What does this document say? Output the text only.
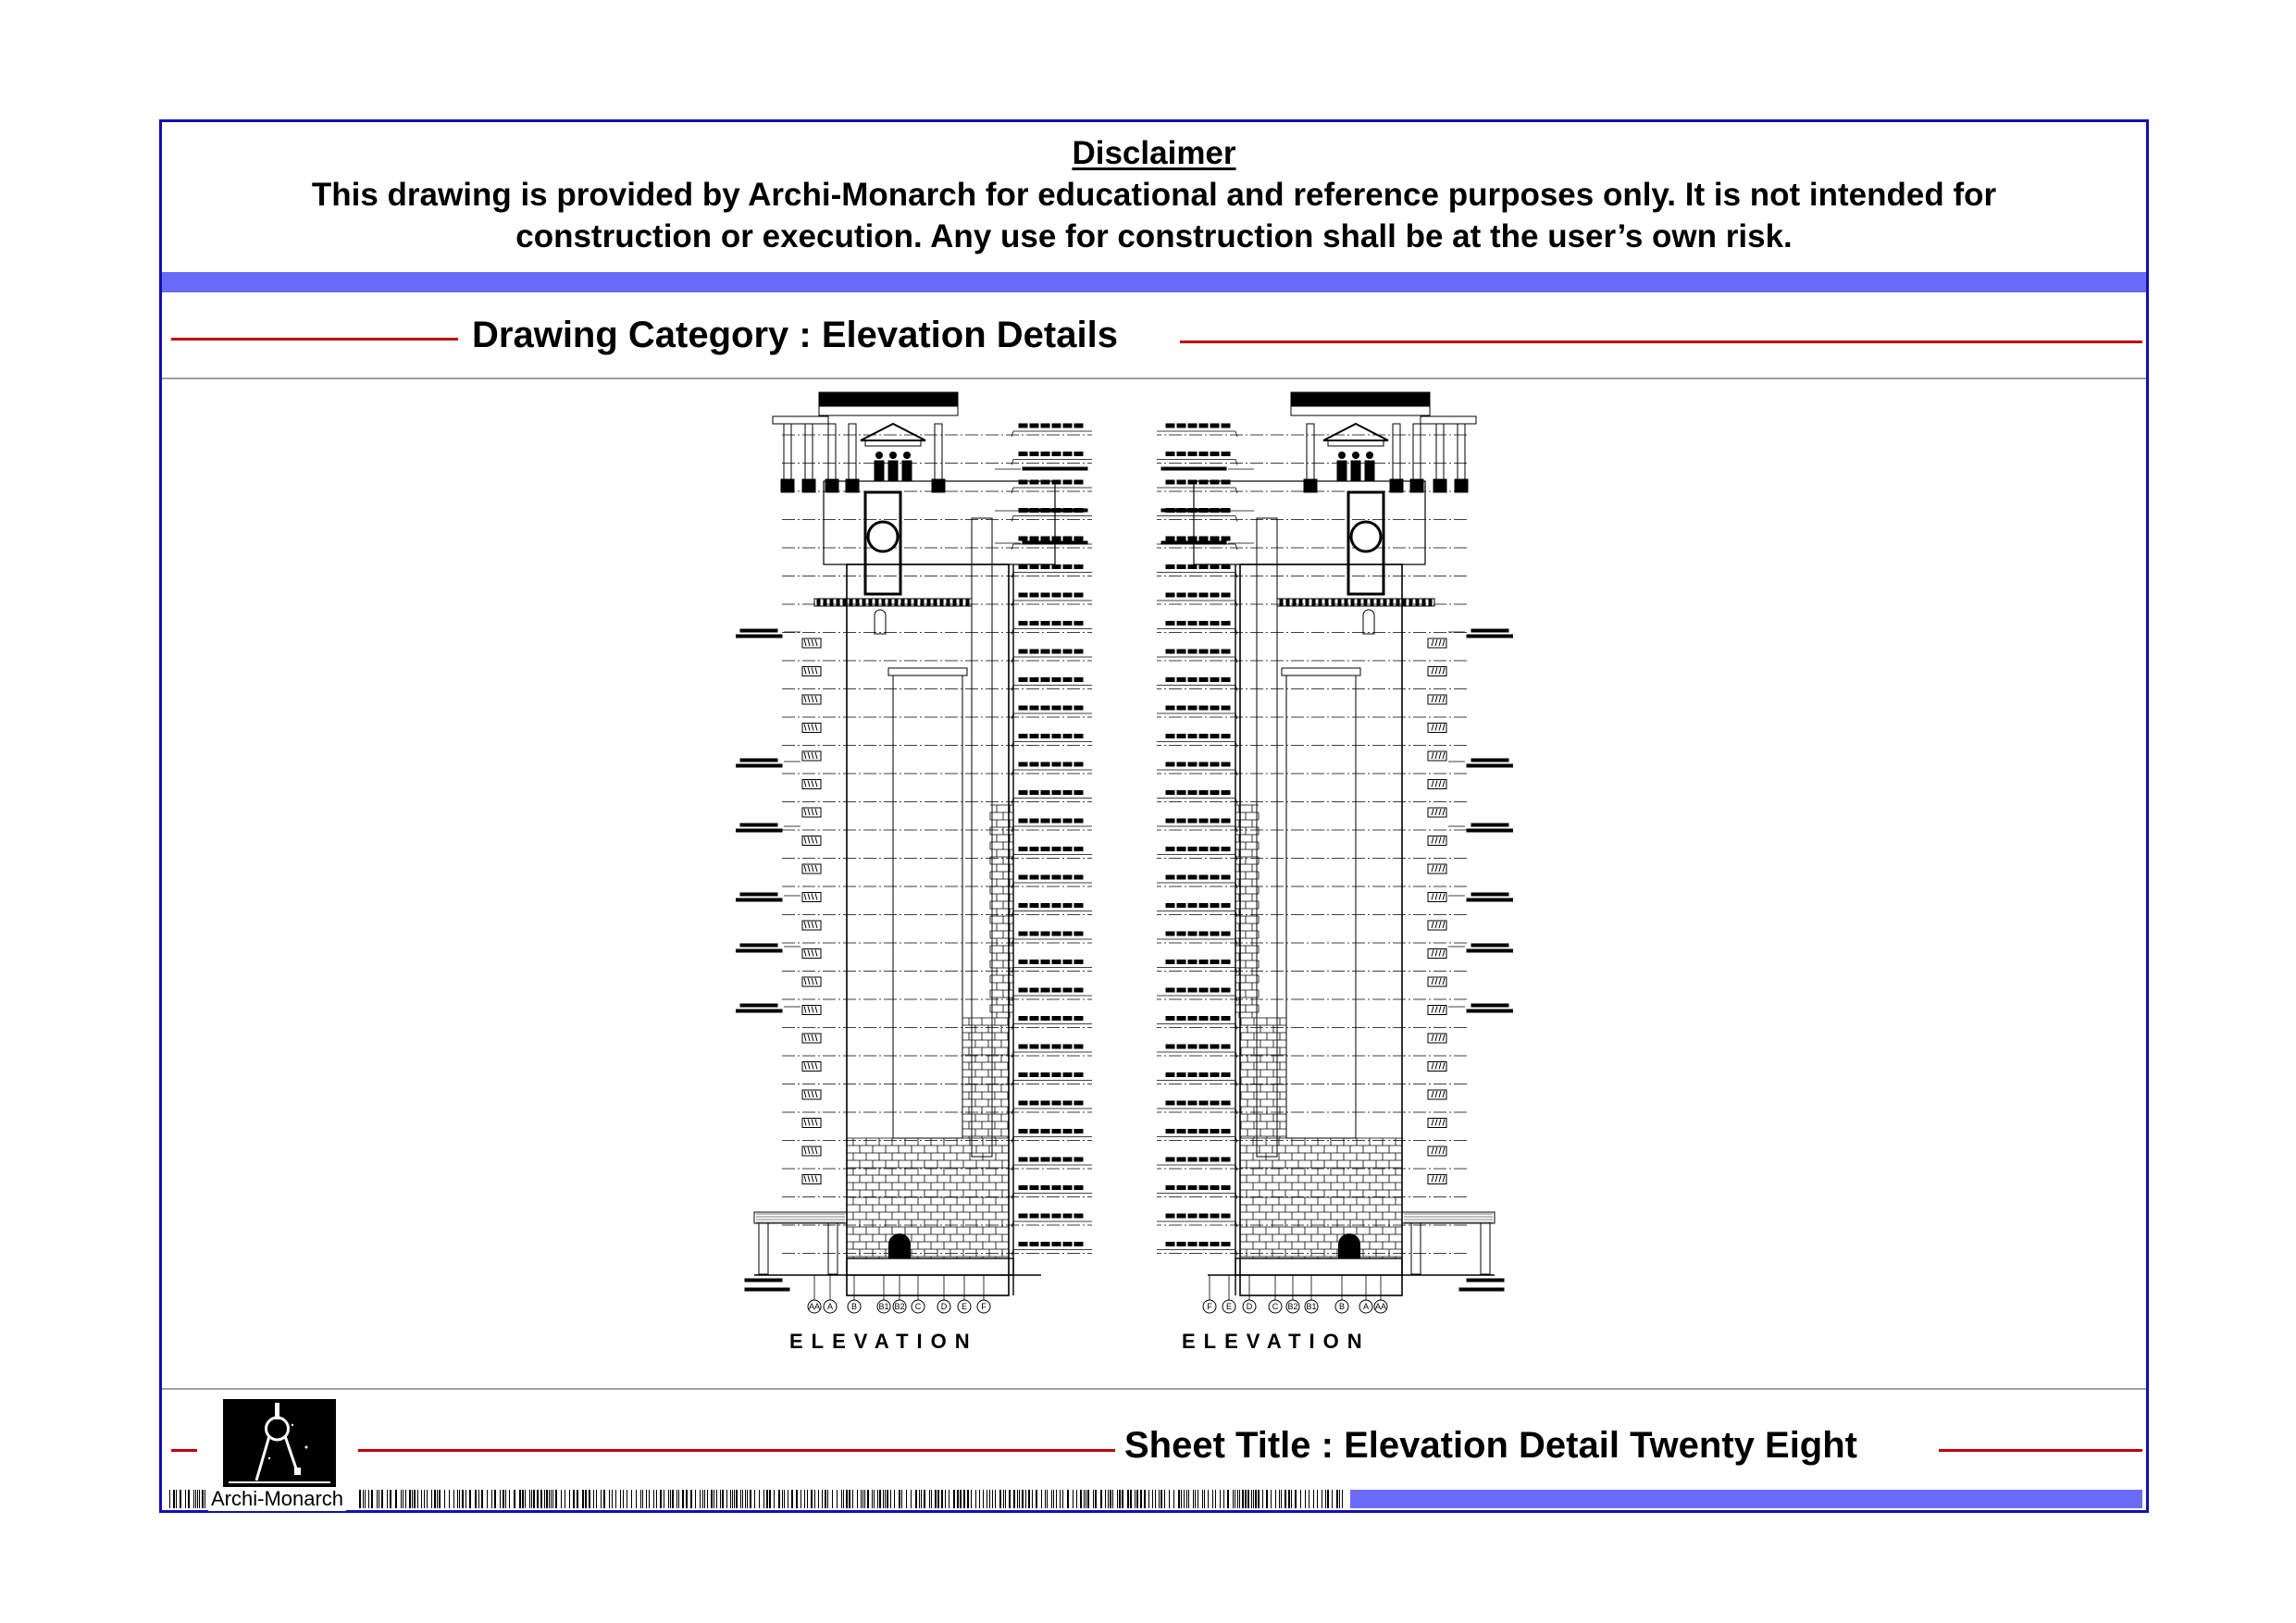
Disclaimer
This drawing is provided by Archi-Monarch for educational and reference purposes only. It is not intended for construction or execution. Any use for construction shall be at the user’s own risk.
Drawing Category : Elevation Details
AA A B	B1 B2 C D E F
ELEVATION
F E D C B2 B1	B A AA
ELEVATION
Archi-Monarch
Sheet Title : Elevation Detail Twenty Eight
